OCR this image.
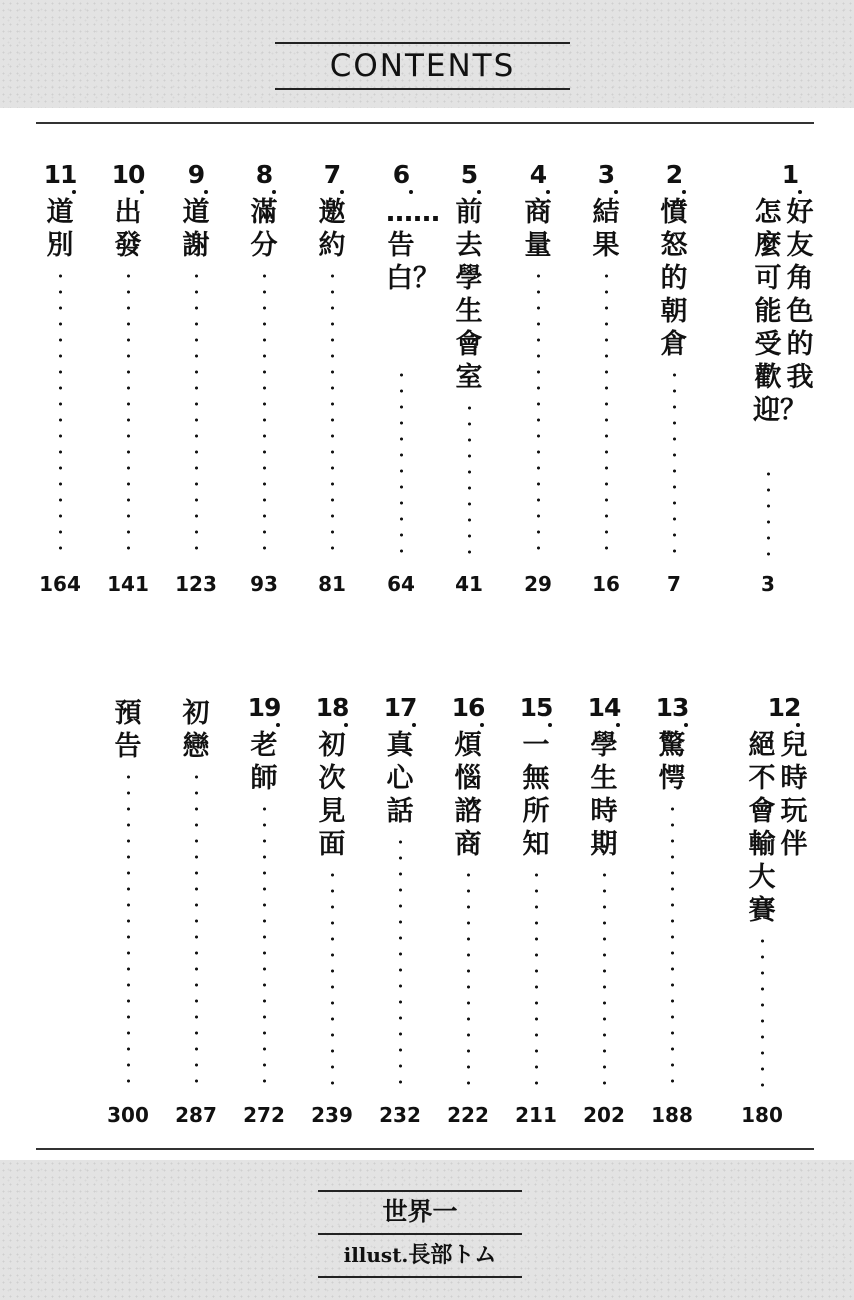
CONTENTS
1
好友角色的我
怎麼可能受歡迎？
3
2
憤怒的朝倉
7
3
結果
16
4
商量
29
5
前去學生會室
41
6
……告白？
64
7
邀約
81
8
滿分
93
9
道謝
123
10
出發
141
11
道別
164
12
兒時玩伴
絕不會輸大賽
180
13
驚愕
188
14
學生時期
202
15
一無所知
211
16
煩惱諮商
222
17
真心話
232
18
初次見面
239
19
老師
272
初戀
287
預告
300
世界一
illust.長部トム
